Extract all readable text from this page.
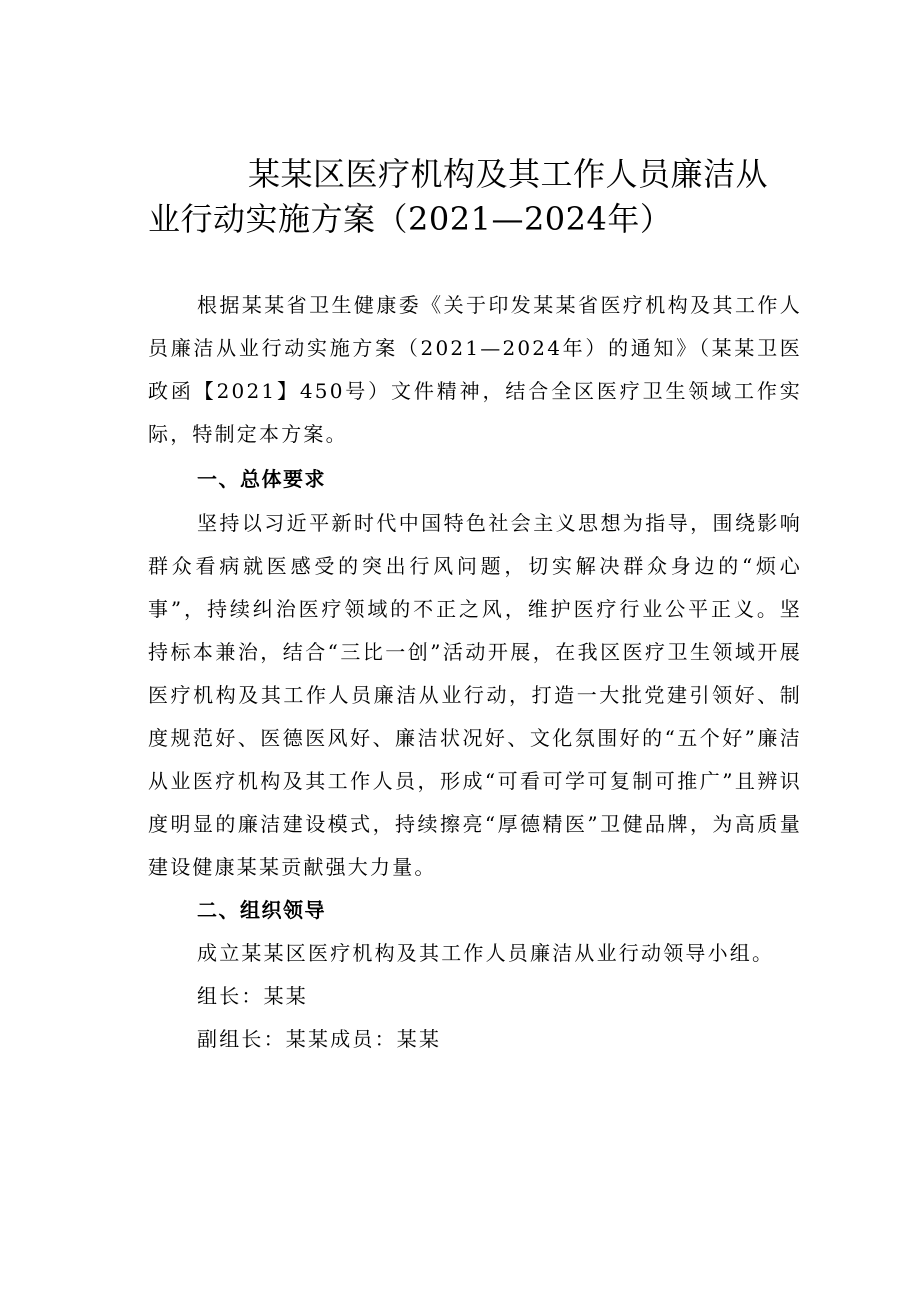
某某区医疗机构及其工作人员廉洁从业行动实施方案（2021—2024年）

根据某某省卫生健康委《关于印发某某省医疗机构及其工作人员廉洁从业行动实施方案（2021—2024年）的通知》（某某卫医政函【2021】450号）文件精神，结合全区医疗卫生领域工作实际，特制定本方案。

一、总体要求

坚持以习近平新时代中国特色社会主义思想为指导，围绕影响群众看病就医感受的突出行风问题，切实解决群众身边的“烦心事”，持续纠治医疗领域的不正之风，维护医疗行业公平正义。坚持标本兼治，结合“三比一创”活动开展，在我区医疗卫生领域开展医疗机构及其工作人员廉洁从业行动，打造一大批党建引领好、制度规范好、医德医风好、廉洁状况好、文化氛围好的“五个好”廉洁从业医疗机构及其工作人员，形成“可看可学可复制可推广”且辨识度明显的廉洁建设模式，持续擦亮“厚德精医”卫健品牌，为高质量建设健康某某贡献强大力量。

二、组织领导

成立某某区医疗机构及其工作人员廉洁从业行动领导小组。

组长：某某

副组长：某某成员：某某
